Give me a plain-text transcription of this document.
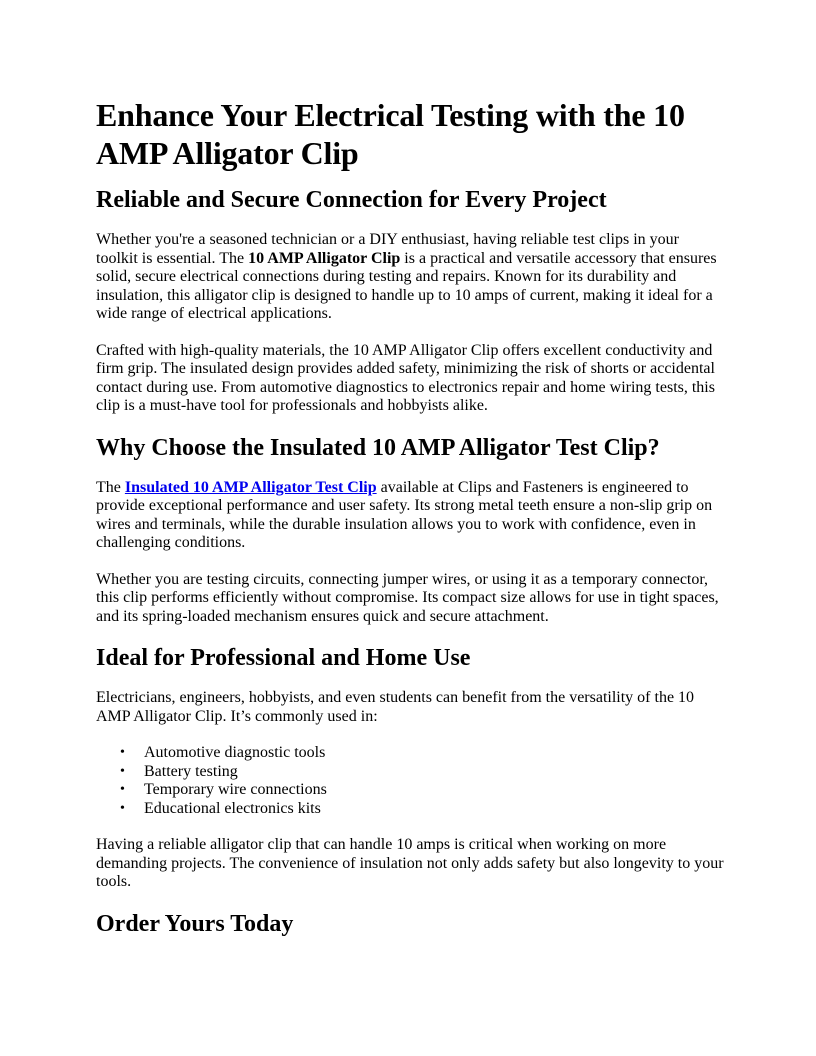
Enhance Your Electrical Testing with the 10 AMP Alligator Clip
Reliable and Secure Connection for Every Project

Whether you're a seasoned technician or a DIY enthusiast, having reliable test clips in your toolkit is essential. The 10 AMP Alligator Clip is a practical and versatile accessory that ensures solid, secure electrical connections during testing and repairs. Known for its durability and insulation, this alligator clip is designed to handle up to 10 amps of current, making it ideal for a wide range of electrical applications.

Crafted with high-quality materials, the 10 AMP Alligator Clip offers excellent conductivity and firm grip. The insulated design provides added safety, minimizing the risk of shorts or accidental contact during use. From automotive diagnostics to electronics repair and home wiring tests, this clip is a must-have tool for professionals and hobbyists alike.

Why Choose the Insulated 10 AMP Alligator Test Clip?

The Insulated 10 AMP Alligator Test Clip available at Clips and Fasteners is engineered to provide exceptional performance and user safety. Its strong metal teeth ensure a non-slip grip on wires and terminals, while the durable insulation allows you to work with confidence, even in challenging conditions.

Whether you are testing circuits, connecting jumper wires, or using it as a temporary connector, this clip performs efficiently without compromise. Its compact size allows for use in tight spaces, and its spring-loaded mechanism ensures quick and secure attachment.

Ideal for Professional and Home Use

Electricians, engineers, hobbyists, and even students can benefit from the versatility of the 10 AMP Alligator Clip. It’s commonly used in:

• Automotive diagnostic tools
• Battery testing
• Temporary wire connections
• Educational electronics kits

Having a reliable alligator clip that can handle 10 amps is critical when working on more demanding projects. The convenience of insulation not only adds safety but also longevity to your tools.

Order Yours Today
